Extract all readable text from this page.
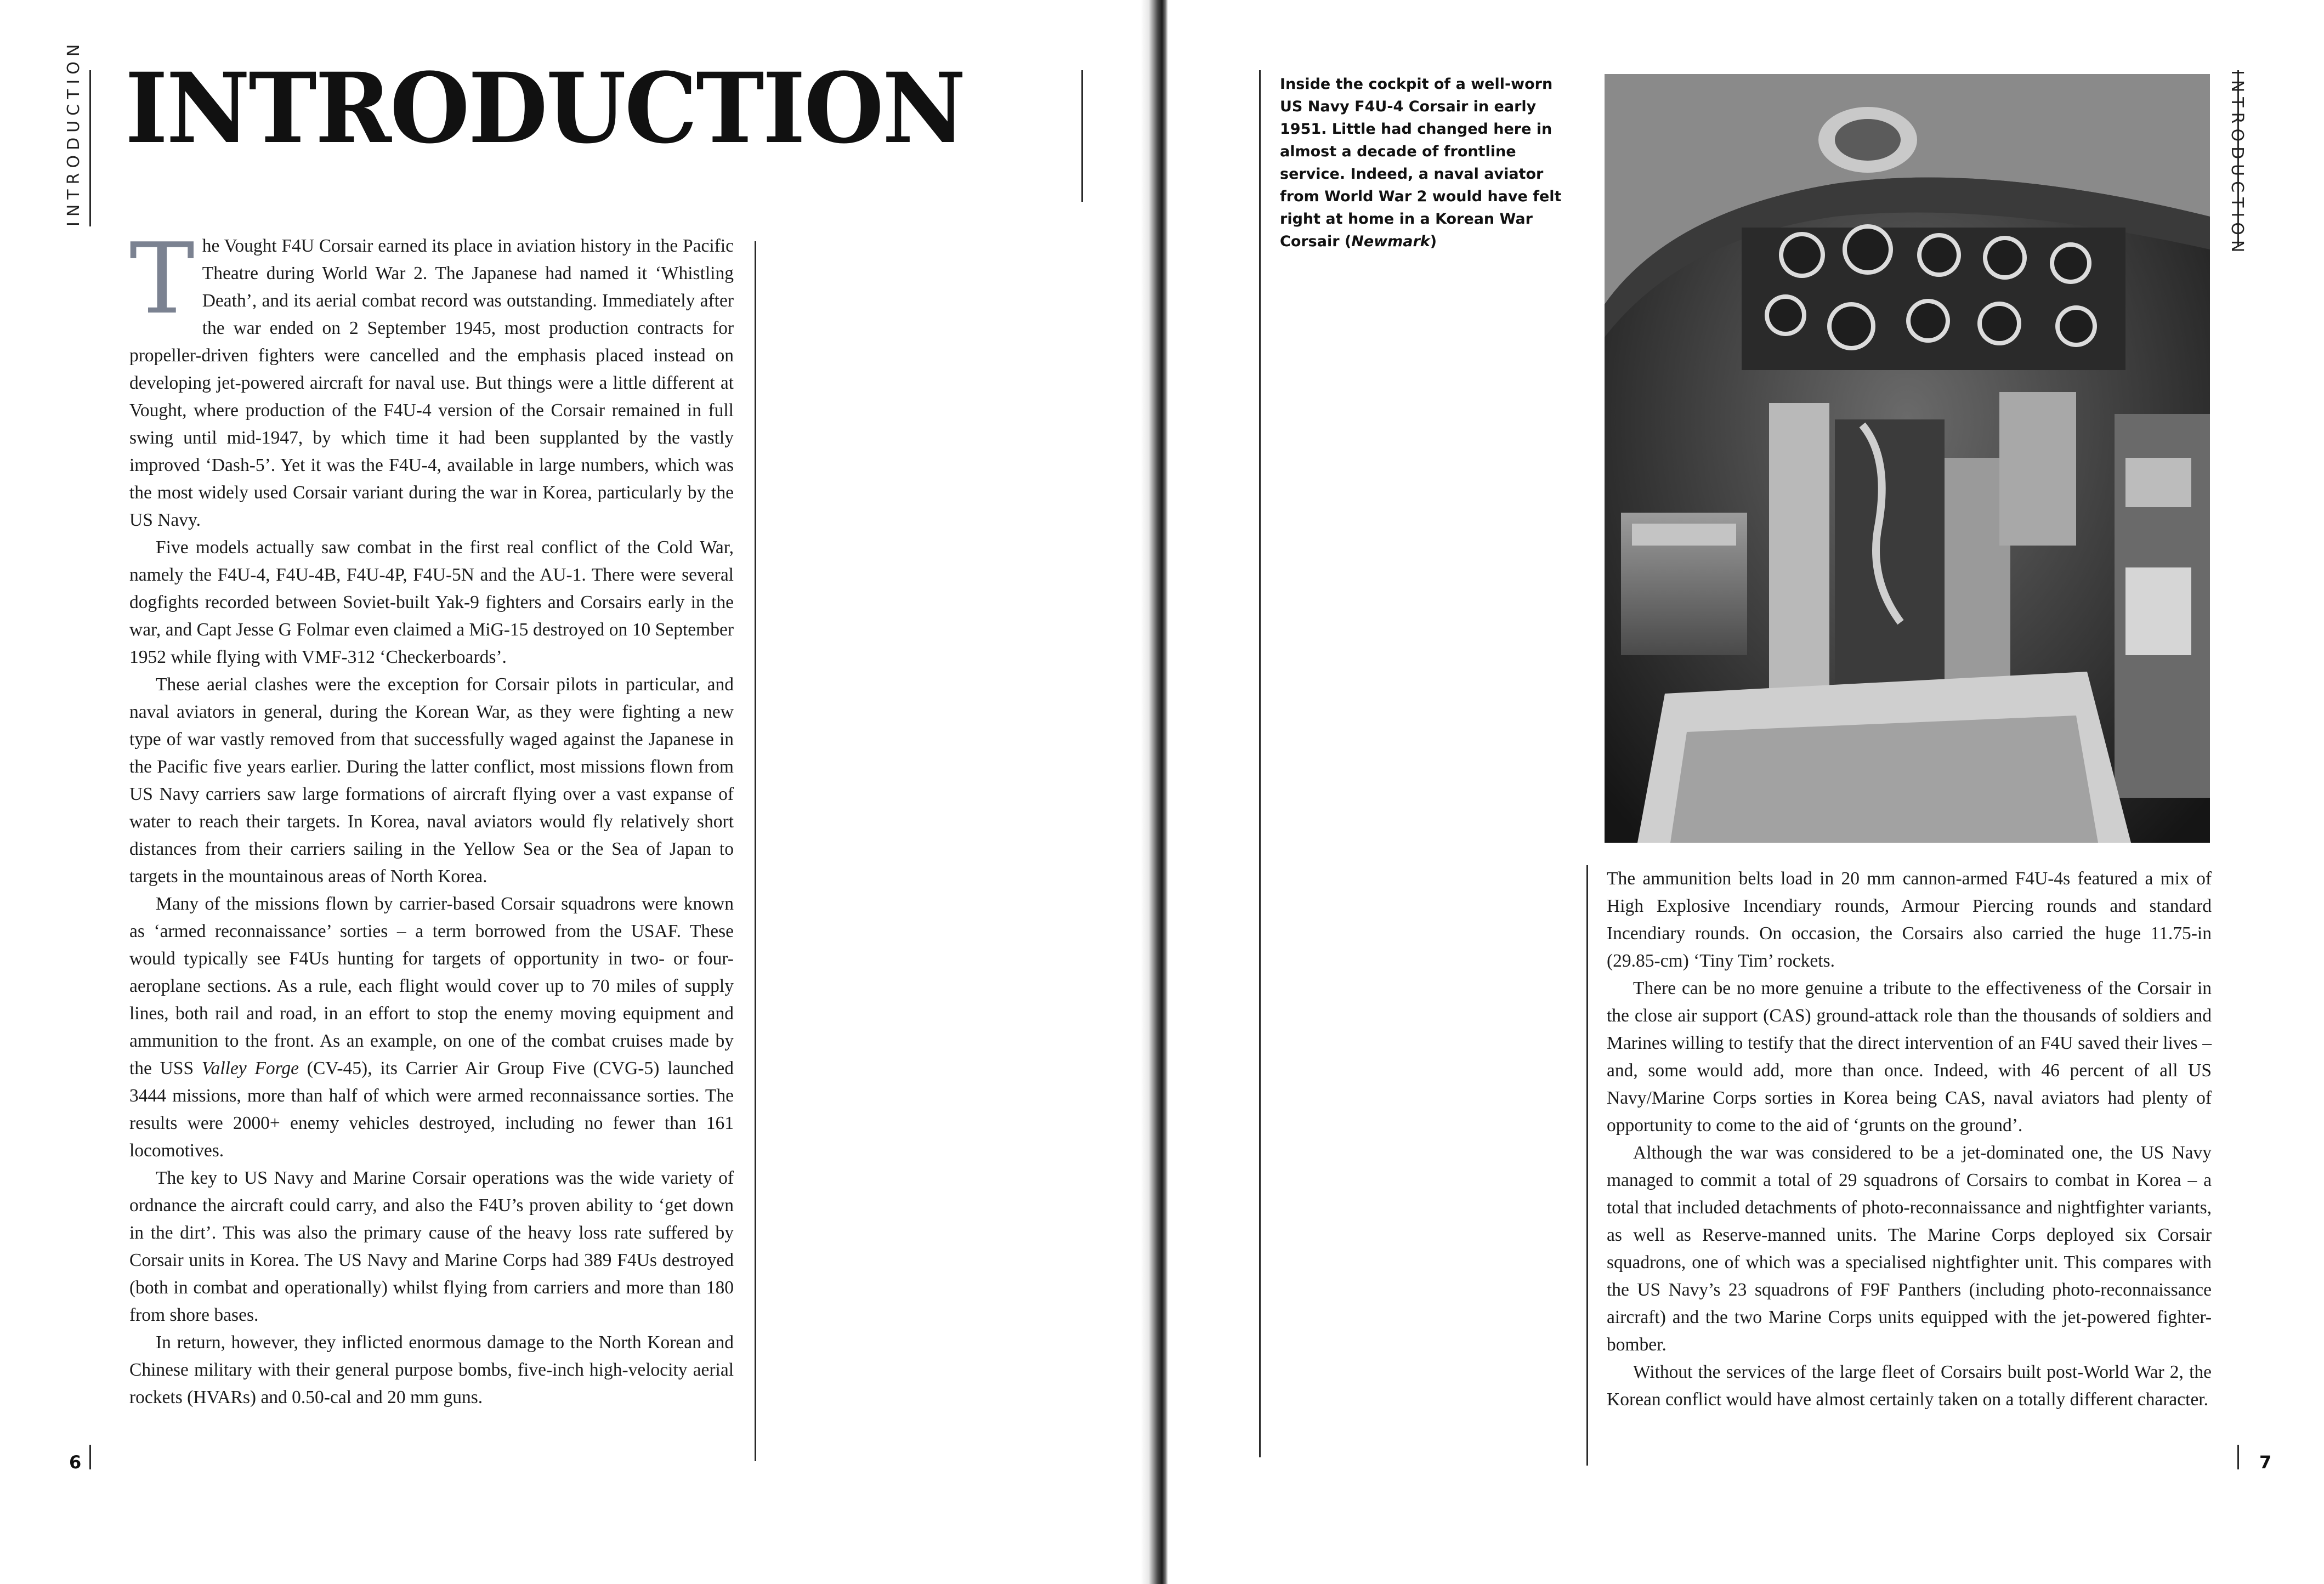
INTRODUCTION	INTRODUCTION
INTRODUCTION

The Vought F4U Corsair earned its place in aviation history in the Pacific Theatre during World War 2. The Japanese had named it ‘Whistling Death’, and its aerial combat record was outstanding. Immediately after the war ended on 2 September 1945, most production contracts for propeller-driven fighters were cancelled and the emphasis placed instead on developing jet-powered aircraft for naval use. But things were a little different at Vought, where production of the F4U-4 version of the Corsair remained in full swing until mid-1947, by which time it had been supplanted by the vastly improved ‘Dash-5’. Yet it was the F4U-4, available in large numbers, which was the most widely used Corsair variant during the war in Korea, particularly by the US Navy.

Five models actually saw combat in the first real conflict of the Cold War, namely the F4U-4, F4U-4B, F4U-4P, F4U-5N and the AU-1. There were several dogfights recorded between Soviet-built Yak-9 fighters and Corsairs early in the war, and Capt Jesse G Folmar even claimed a MiG-15 destroyed on 10 September 1952 while flying with VMF-312 ‘Checkerboards’.

These aerial clashes were the exception for Corsair pilots in particular, and naval aviators in general, during the Korean War, as they were fighting a new type of war vastly removed from that successfully waged against the Japanese in the Pacific five years earlier. During the latter conflict, most missions flown from US Navy carriers saw large formations of aircraft flying over a vast expanse of water to reach their targets. In Korea, naval aviators would fly relatively short distances from their carriers sailing in the Yellow Sea or the Sea of Japan to targets in the mountainous areas of North Korea.

Many of the missions flown by carrier-based Corsair squadrons were known as ‘armed reconnaissance’ sorties – a term borrowed from the USAF. These would typically see F4Us hunting for targets of opportunity in two- or four-aeroplane sections. As a rule, each flight would cover up to 70 miles of supply lines, both rail and road, in an effort to stop the enemy moving equipment and ammunition to the front. As an example, on one of the combat cruises made by the USS Valley Forge (CV-45), its Carrier Air Group Five (CVG-5) launched 3444 missions, more than half of which were armed reconnaissance sorties. The results were 2000+ enemy vehicles destroyed, including no fewer than 161 locomotives.

The key to US Navy and Marine Corsair operations was the wide variety of ordnance the aircraft could carry, and also the F4U’s proven ability to ‘get down in the dirt’. This was also the primary cause of the heavy loss rate suffered by Corsair units in Korea. The US Navy and Marine Corps had 389 F4Us destroyed (both in combat and operationally) whilst flying from carriers and more than 180 from shore bases.

In return, however, they inflicted enormous damage to the North Korean and Chinese military with their general purpose bombs, five-inch high-velocity aerial rockets (HVARs) and 0.50-cal and 20 mm guns.

6
Inside the cockpit of a well-worn US Navy F4U-4 Corsair in early 1951. Little had changed here in almost a decade of frontline service. Indeed, a naval aviator from World War 2 would have felt right at home in a Korean War Corsair (Newmark)

The ammunition belts load in 20 mm cannon-armed F4U-4s featured a mix of High Explosive Incendiary rounds, Armour Piercing rounds and standard Incendiary rounds. On occasion, the Corsairs also carried the huge 11.75-in (29.85-cm) ‘Tiny Tim’ rockets.

There can be no more genuine a tribute to the effectiveness of the Corsair in the close air support (CAS) ground-attack role than the thousands of soldiers and Marines willing to testify that the direct intervention of an F4U saved their lives – and, some would add, more than once. Indeed, with 46 percent of all US Navy/Marine Corps sorties in Korea being CAS, naval aviators had plenty of opportunity to come to the aid of ‘grunts on the ground’.

Although the war was considered to be a jet-dominated one, the US Navy managed to commit a total of 29 squadrons of Corsairs to combat in Korea – a total that included detachments of photo-reconnaissance and nightfighter variants, as well as Reserve-manned units. The Marine Corps deployed six Corsair squadrons, one of which was a specialised nightfighter unit. This compares with the US Navy’s 23 squadrons of F9F Panthers (including photo-reconnaissance aircraft) and the two Marine Corps units equipped with the jet-powered fighter-bomber.

Without the services of the large fleet of Corsairs built post-World War 2, the Korean conflict would have almost certainly taken on a totally different character.

7
